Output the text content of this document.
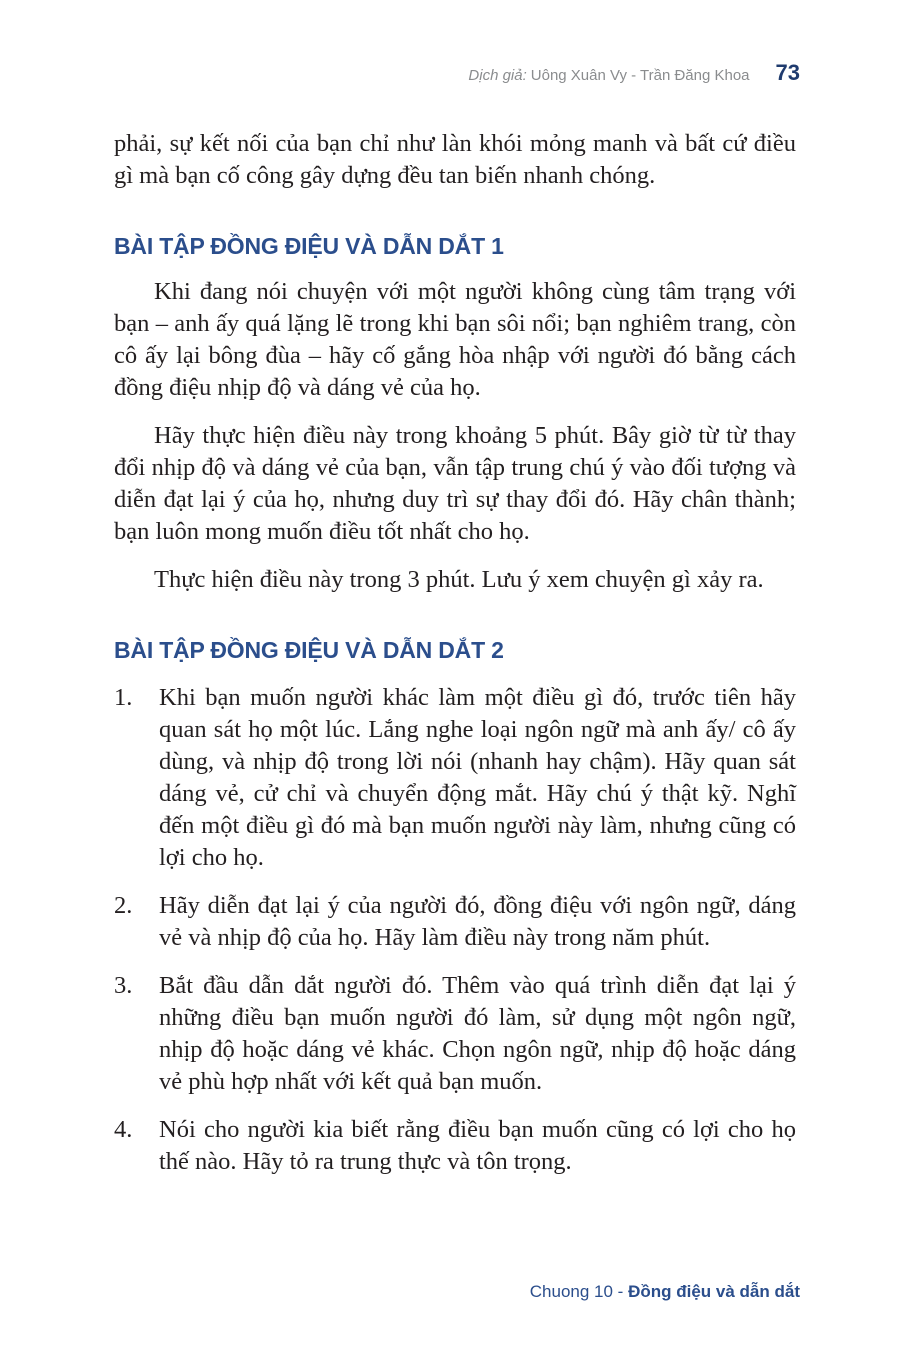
Dịch giả: Uông Xuân Vy - Trần Đăng Khoa 73

phải, sự kết nối của bạn chỉ như làn khói mỏng manh và bất cứ điều gì mà bạn cố công gây dựng đều tan biến nhanh chóng.

BÀI TẬP ĐỒNG ĐIỆU VÀ DẪN DẮT 1

Khi đang nói chuyện với một người không cùng tâm trạng với bạn – anh ấy quá lặng lẽ trong khi bạn sôi nổi; bạn nghiêm trang, còn cô ấy lại bông đùa – hãy cố gắng hòa nhập với người đó bằng cách đồng điệu nhịp độ và dáng vẻ của họ.

Hãy thực hiện điều này trong khoảng 5 phút. Bây giờ từ từ thay đổi nhịp độ và dáng vẻ của bạn, vẫn tập trung chú ý vào đối tượng và diễn đạt lại ý của họ, nhưng duy trì sự thay đổi đó. Hãy chân thành; bạn luôn mong muốn điều tốt nhất cho họ.

Thực hiện điều này trong 3 phút. Lưu ý xem chuyện gì xảy ra.

BÀI TẬP ĐỒNG ĐIỆU VÀ DẪN DẮT 2
1.	Khi bạn muốn người khác làm một điều gì đó, trước tiên hãy quan sát họ một lúc. Lắng nghe loại ngôn ngữ mà anh ấy/ cô ấy dùng, và nhịp độ trong lời nói (nhanh hay chậm). Hãy quan sát dáng vẻ, cử chỉ và chuyển động mắt. Hãy chú ý thật kỹ. Nghĩ đến một điều gì đó mà bạn muốn người này làm, nhưng cũng có lợi cho họ.
2.	Hãy diễn đạt lại ý của người đó, đồng điệu với ngôn ngữ, dáng vẻ và nhịp độ của họ. Hãy làm điều này trong năm phút.
3.	Bắt đầu dẫn dắt người đó. Thêm vào quá trình diễn đạt lại ý những điều bạn muốn người đó làm, sử dụng một ngôn ngữ, nhịp độ hoặc dáng vẻ khác. Chọn ngôn ngữ, nhịp độ hoặc dáng vẻ phù hợp nhất với kết quả bạn muốn.
4.	Nói cho người kia biết rằng điều bạn muốn cũng có lợi cho họ thế nào. Hãy tỏ ra trung thực và tôn trọng.
Chuong 10 - Đồng điệu và dẫn dắt
